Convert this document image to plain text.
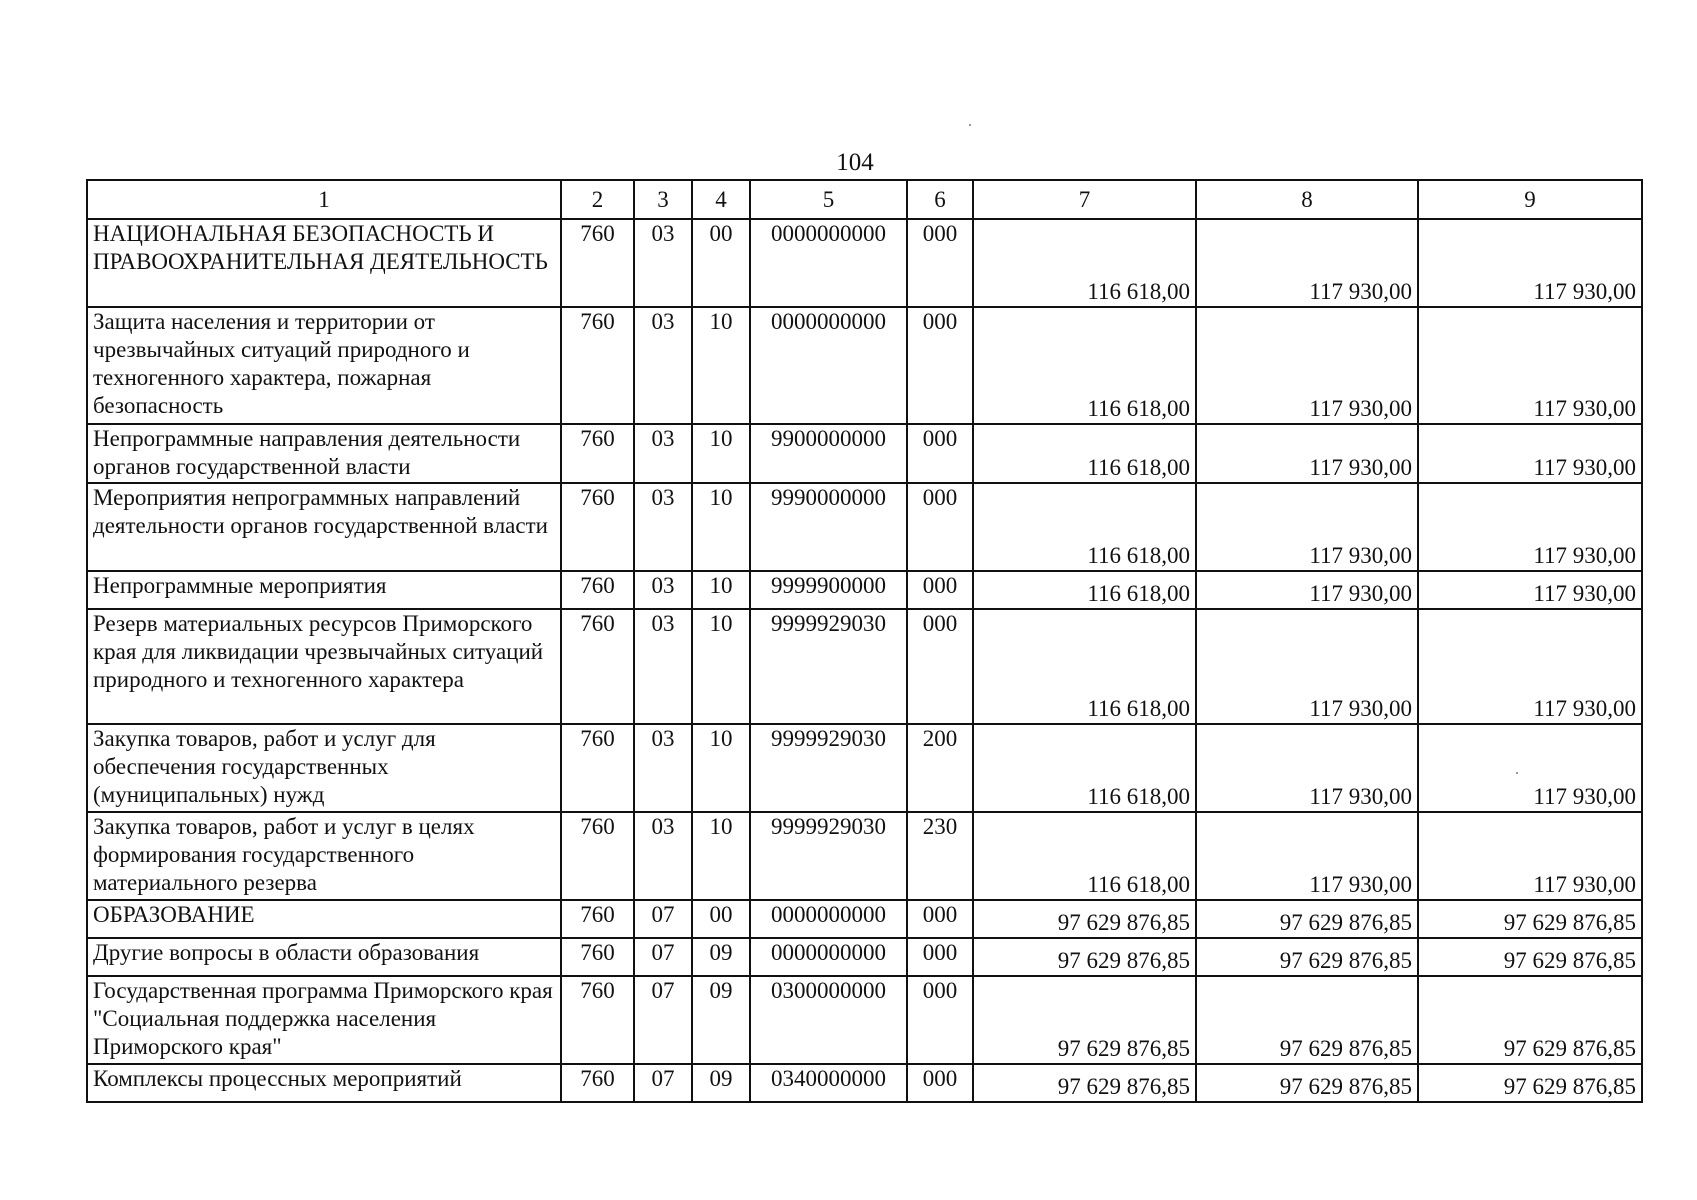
104
1	2	3	4	5	6	7	8	9
НАЦИОНАЛЬНАЯ БЕЗОПАСНОСТЬ И ПРАВООХРАНИТЕЛЬНАЯ ДЕЯТЕЛЬНОСТЬ	760	03	00	0000000000	000	116 618,00	117 930,00	117 930,00
Защита населения и территории от чрезвычайных ситуаций природного и техногенного характера, пожарная безопасность	760	03	10	0000000000	000	116 618,00	117 930,00	117 930,00
Непрограммные направления деятельности органов государственной власти	760	03	10	9900000000	000	116 618,00	117 930,00	117 930,00
Мероприятия непрограммных направлений деятельности органов государственной власти	760	03	10	9990000000	000	116 618,00	117 930,00	117 930,00
Непрограммные мероприятия	760	03	10	9999900000	000	116 618,00	117 930,00	117 930,00
Резерв материальных ресурсов Приморского края для ликвидации чрезвычайных ситуаций природного и техногенного характера	760	03	10	9999929030	000	116 618,00	117 930,00	117 930,00
Закупка товаров, работ и услуг для обеспечения государственных (муниципальных) нужд	760	03	10	9999929030	200	116 618,00	117 930,00	117 930,00
Закупка товаров, работ и услуг в целях формирования государственного материального резерва	760	03	10	9999929030	230	116 618,00	117 930,00	117 930,00
ОБРАЗОВАНИЕ	760	07	00	0000000000	000	97 629 876,85	97 629 876,85	97 629 876,85
Другие вопросы в области образования	760	07	09	0000000000	000	97 629 876,85	97 629 876,85	97 629 876,85
Государственная программа Приморского края "Социальная поддержка населения Приморского края"	760	07	09	0300000000	000	97 629 876,85	97 629 876,85	97 629 876,85
Комплексы процессных мероприятий	760	07	09	0340000000	000	97 629 876,85	97 629 876,85	97 629 876,85
